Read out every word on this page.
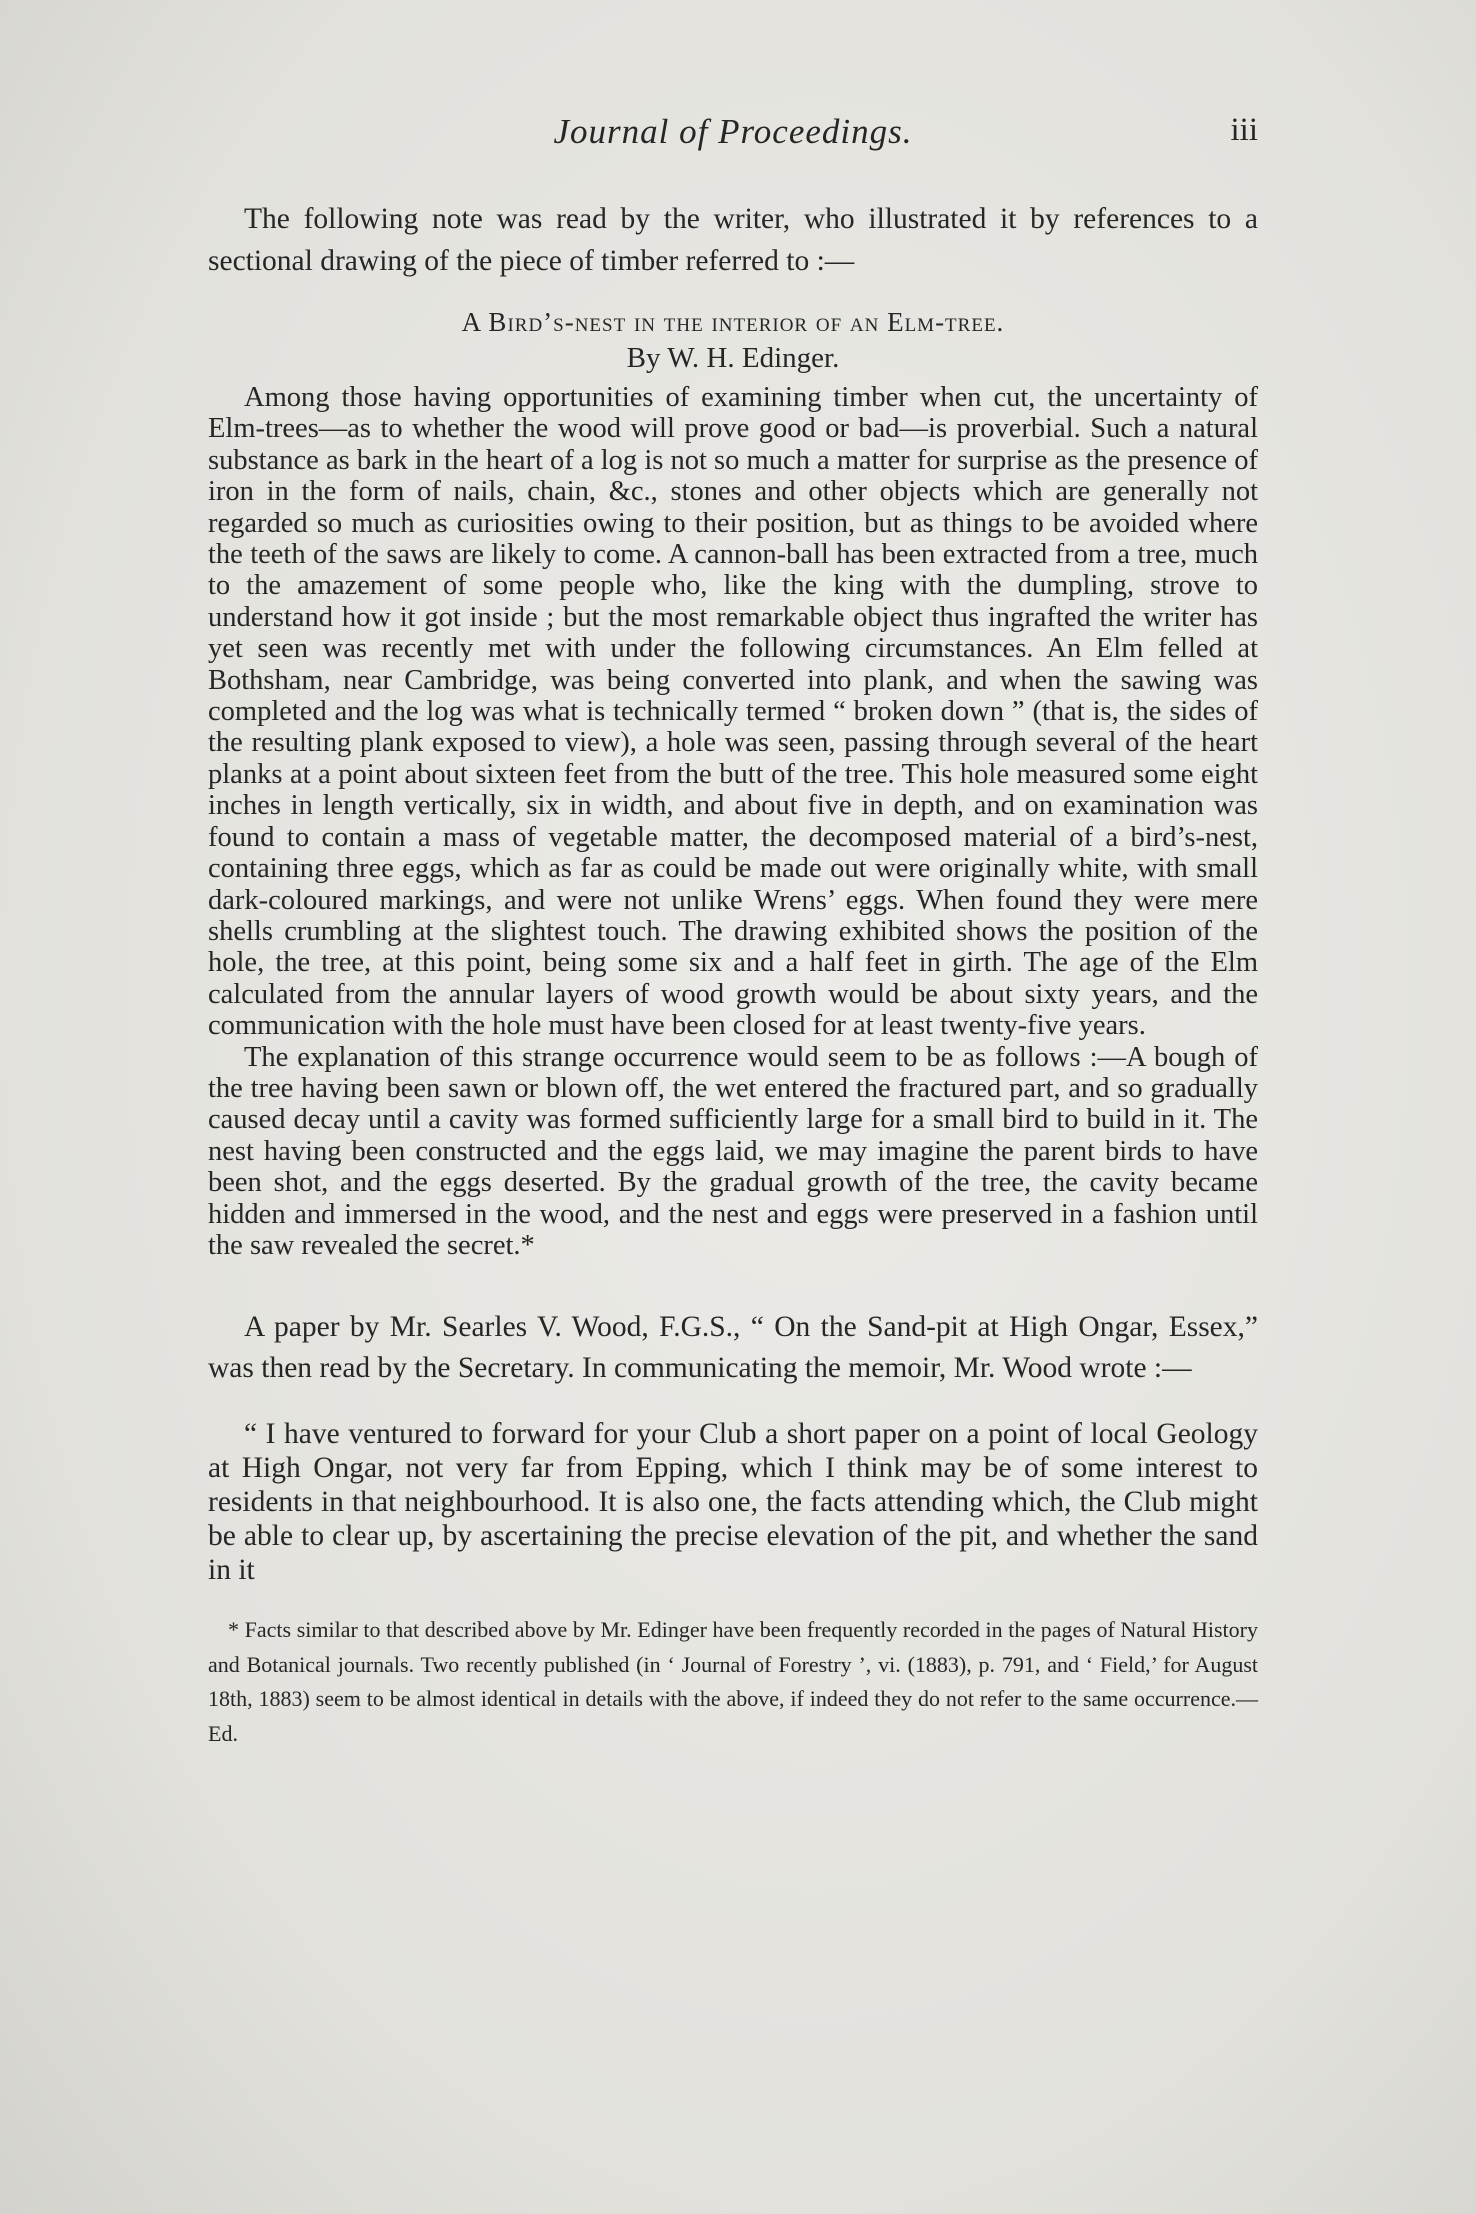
Journal of Proceedings.	iii

The following note was read by the writer, who illustrated it by references to a sectional drawing of the piece of timber referred to :—

A Bird’s-nest in the interior of an Elm-tree.
By W. H. Edinger.

Among those having opportunities of examining timber when cut, the uncertainty of Elm-trees—as to whether the wood will prove good or bad—is proverbial. Such a natural substance as bark in the heart of a log is not so much a matter for surprise as the presence of iron in the form of nails, chain, &c., stones and other objects which are generally not regarded so much as curiosities owing to their position, but as things to be avoided where the teeth of the saws are likely to come. A cannon-ball has been extracted from a tree, much to the amazement of some people who, like the king with the dumpling, strove to understand how it got inside ; but the most remarkable object thus ingrafted the writer has yet seen was recently met with under the following circumstances. An Elm felled at Bothsham, near Cambridge, was being converted into plank, and when the sawing was completed and the log was what is technically termed “ broken down ” (that is, the sides of the resulting plank exposed to view), a hole was seen, passing through several of the heart planks at a point about sixteen feet from the butt of the tree. This hole measured some eight inches in length vertically, six in width, and about five in depth, and on examination was found to contain a mass of vegetable matter, the decomposed material of a bird’s-nest, containing three eggs, which as far as could be made out were originally white, with small dark-coloured markings, and were not unlike Wrens’ eggs. When found they were mere shells crumbling at the slightest touch. The drawing exhibited shows the position of the hole, the tree, at this point, being some six and a half feet in girth. The age of the Elm calculated from the annular layers of wood growth would be about sixty years, and the communication with the hole must have been closed for at least twenty-five years.

The explanation of this strange occurrence would seem to be as follows :—A bough of the tree having been sawn or blown off, the wet entered the fractured part, and so gradually caused decay until a cavity was formed sufficiently large for a small bird to build in it. The nest having been constructed and the eggs laid, we may imagine the parent birds to have been shot, and the eggs deserted. By the gradual growth of the tree, the cavity became hidden and immersed in the wood, and the nest and eggs were preserved in a fashion until the saw revealed the secret.*

A paper by Mr. Searles V. Wood, F.G.S., “ On the Sand-pit at High Ongar, Essex,” was then read by the Secretary. In communicating the memoir, Mr. Wood wrote :—

“ I have ventured to forward for your Club a short paper on a point of local Geology at High Ongar, not very far from Epping, which I think may be of some interest to residents in that neighbourhood. It is also one, the facts attending which, the Club might be able to clear up, by ascertaining the precise elevation of the pit, and whether the sand in it

* Facts similar to that described above by Mr. Edinger have been frequently recorded in the pages of Natural History and Botanical journals. Two recently published (in ‘ Journal of Forestry ’, vi. (1883), p. 791, and ‘ Field,’ for August 18th, 1883) seem to be almost identical in details with the above, if indeed they do not refer to the same occurrence.—Ed.
